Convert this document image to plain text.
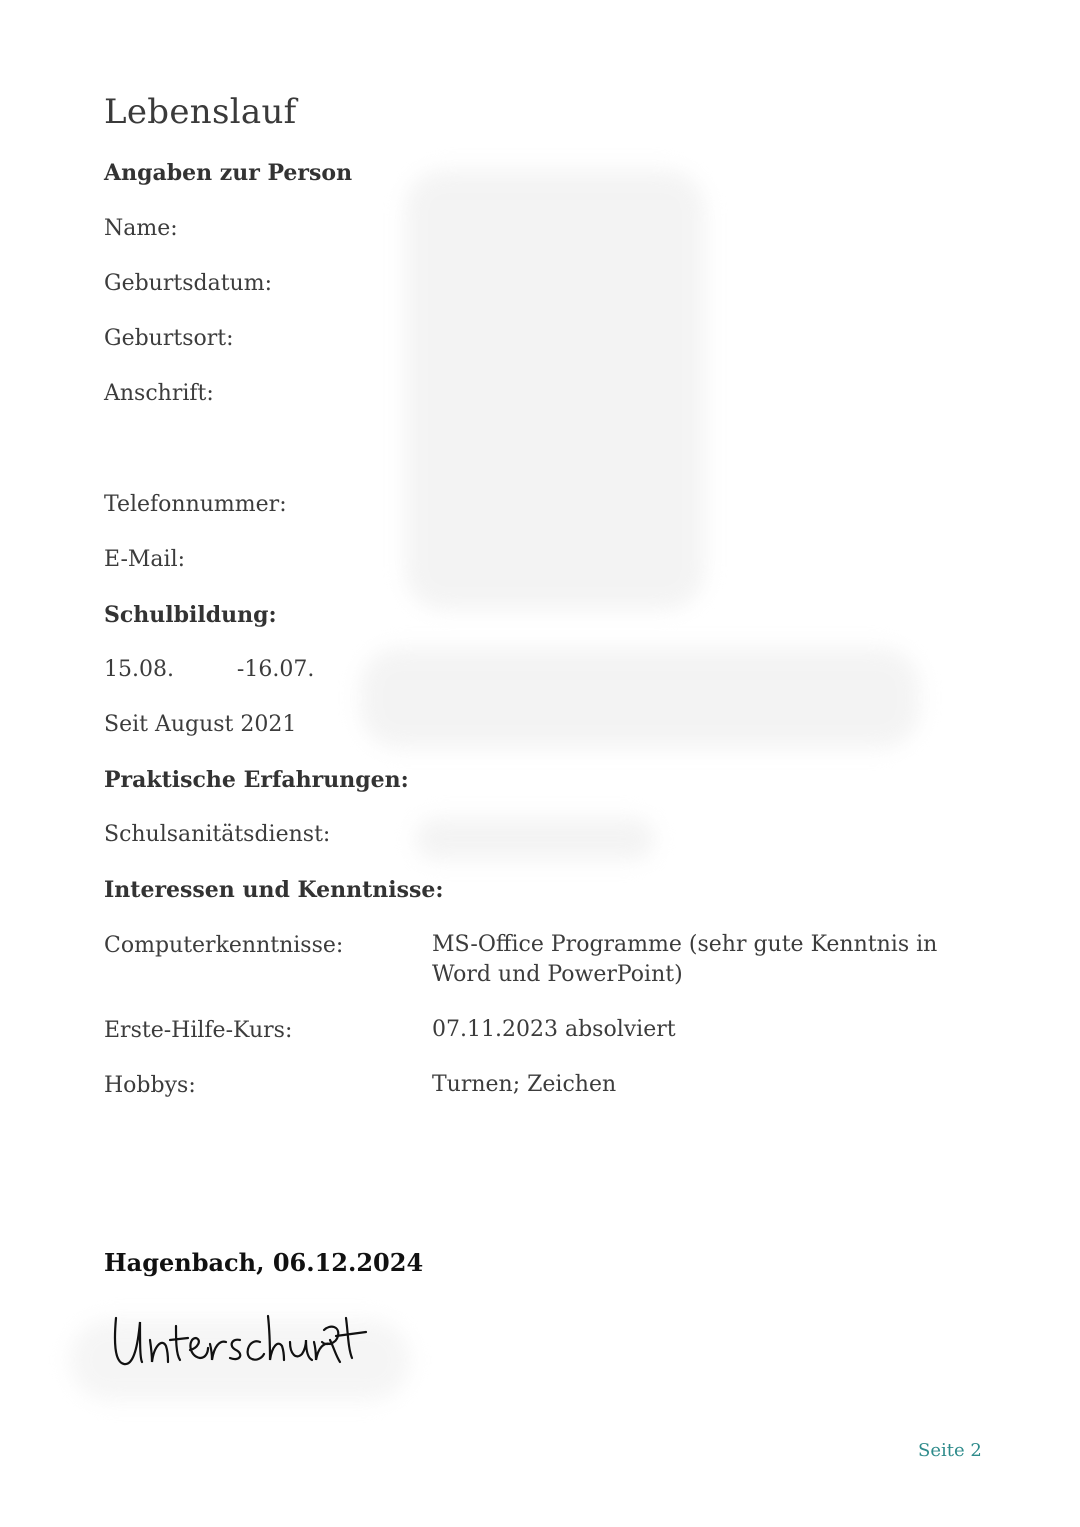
Lebenslauf
Angaben zur Person
Name:
Geburtsdatum:
Geburtsort:
Anschrift:
Telefonnummer:
E-Mail:
Schulbildung:
15.08.         -16.07.
Seit August 2021
Praktische Erfahrungen:
Schulsanitätsdienst:
Interessen und Kenntnisse:
Computerkenntnisse:	MS-Office Programme (sehr gute Kenntnis in
Word und PowerPoint)
Erste-Hilfe-Kurs:	07.11.2023 absolviert
Hobbys:	Turnen; Zeichen
Hagenbach, 06.12.2024
Seite 2
